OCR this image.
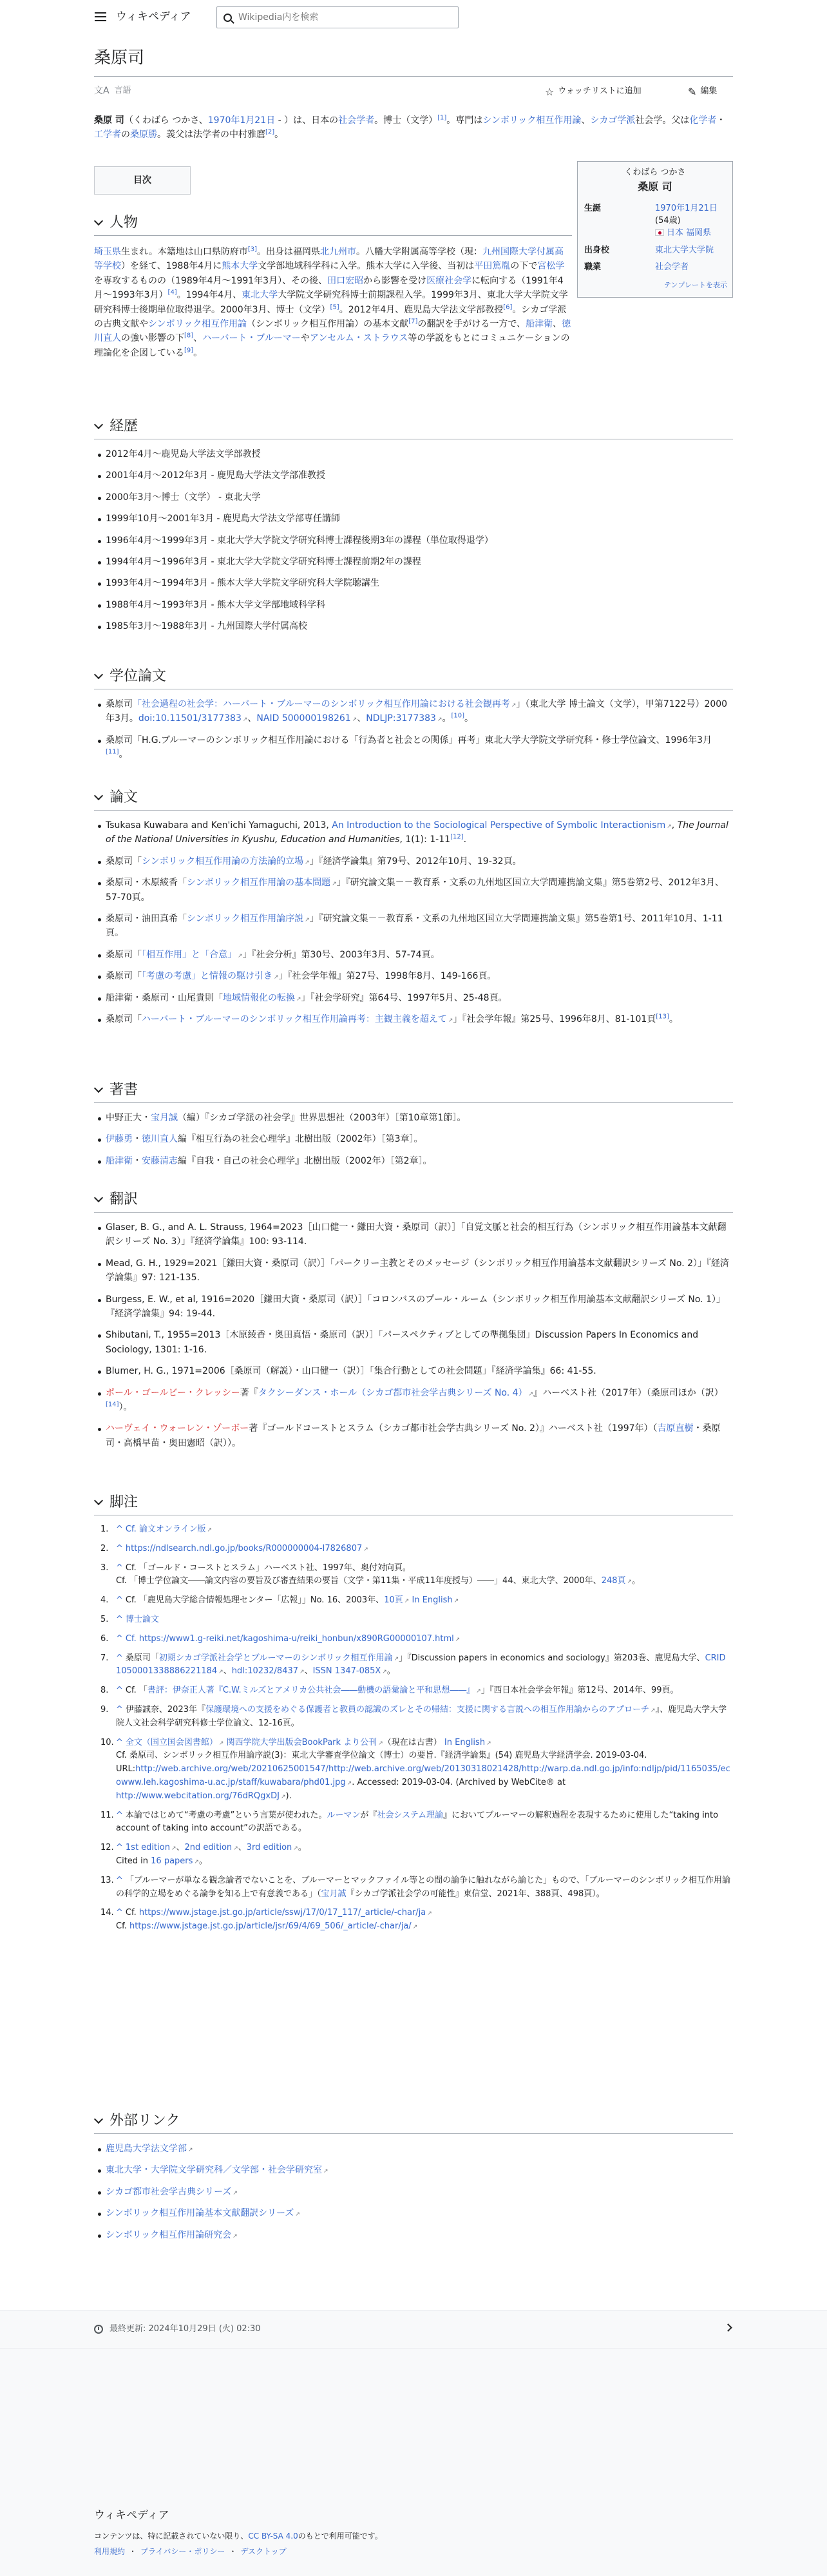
ウィキペディア
Wikipedia内を検索
桑原司
文A 言語	☆ ウォッチリストに追加	✎ 編集

桑原 司（くわばら つかさ、1970年1月21日 - ）は、日本の社会学者。博士（文学）[1]。専門はシンボリック相互作用論、シカゴ学派社会学。父は化学者・工学者の桑原勝。義父は法学者の中村雅麿[2]。

目次
くわばら つかさ
桑原 司
生誕	1970年1月21日
(54歳)
日本 福岡県
出身校	東北大学大学院
職業	社会学者
テンプレートを表示
人物
埼玉県生まれ。本籍地は山口県防府市[3]。出身は福岡県北九州市。八幡大学附属高等学校（現：九州国際大学付属高等学校）を経て、1988年4月に熊本大学文学部地域科学科に入学。熊本大学に入学後、当初は平田篤胤の下で宮松学を専攻するものの（1989年4月〜1991年3月）、その後、田口宏昭から影響を受け医療社会学に転向する（1991年4月〜1993年3月）[4]。1994年4月、東北大学大学院文学研究科博士前期課程入学。1999年3月、東北大学大学院文学研究科博士後期単位取得退学。2000年3月、博士（文学）[5]。2012年4月、鹿児島大学法文学部教授[6]。シカゴ学派の古典文献やシンボリック相互作用論（シンボリック相互作用論）の基本文献[7]の翻訳を手がける一方で、船津衛、徳川直人の強い影響の下[8]、ハーバート・ブルーマーやアンセルム・ストラウス等の学説をもとにコミュニケーションの理論化を企図している[9]。
経歴
2012年4月〜鹿児島大学法文学部教授
2001年4月〜2012年3月 - 鹿児島大学法文学部准教授
2000年3月〜博士（文学） - 東北大学
1999年10月〜2001年3月 - 鹿児島大学法文学部専任講師
1996年4月〜1999年3月 - 東北大学大学院文学研究科博士課程後期3年の課程（単位取得退学）
1994年4月〜1996年3月 - 東北大学大学院文学研究科博士課程前期2年の課程
1993年4月〜1994年3月 - 熊本大学大学院文学研究科大学院聴講生
1988年4月〜1993年3月 - 熊本大学文学部地域科学科
1985年3月〜1988年3月 - 九州国際大学付属高校
学位論文
桑原司「社会過程の社会学：ハーバート・ブルーマーのシンボリック相互作用論における社会観再考 ↗ 」（東北大学 博士論文（文学），甲第7122号）2000年3月。doi:10.11501/3177383 ↗ 、NAID 500000198261 ↗ 、NDLJP:3177383 ↗ 。[10]。
桑原司「H.G.ブルーマーのシンボリック相互作用論における「行為者と社会との関係」再考」東北大学大学院文学研究科・修士学位論文、1996年3月[11]。
論文
Tsukasa Kuwabara and Ken'ichi Yamaguchi, 2013, An Introduction to the Sociological Perspective of Symbolic Interactionism ↗ , The Journal of the National Universities in Kyushu, Education and Humanities, 1(1): 1-11[12].
桑原司「シンボリック相互作用論の方法論的立場 ↗ 」『経済学論集』第79号、2012年10月、19-32頁。
桑原司・木原綾香「シンボリック相互作用論の基本問題 ↗ 」『研究論文集－－教育系・文系の九州地区国立大学間連携論文集』第5巻第2号、2012年3月、57-70頁。
桑原司・油田真希「シンボリック相互作用論序説 ↗ 」『研究論文集－－教育系・文系の九州地区国立大学間連携論文集』第5巻第1号、2011年10月、1-11頁。
桑原司「「相互作用」と「合意」 ↗ 」『社会分析』第30号、2003年3月、57-74頁。
桑原司「「考慮の考慮」と情報の駆け引き ↗ 」『社会学年報』第27号、1998年8月、149-166頁。
船津衛・桑原司・山尾貴則「地域情報化の転換 ↗ 」『社会学研究』第64号、1997年5月、25-48頁。
桑原司「ハーバート・ブルーマーのシンボリック相互作用論再考：主観主義を超えて ↗ 」『社会学年報』第25号、1996年8月、81-101頁[13]。
著書
中野正大・宝月誠（編）『シカゴ学派の社会学』世界思想社（2003年）［第10章第1節］。
伊藤勇・徳川直人編『相互行為の社会心理学』北樹出版（2002年）［第3章］。
船津衛・安藤清志編『自我・自己の社会心理学』北樹出版（2002年）［第2章］。
翻訳
Glaser, B. G., and A. L. Strauss, 1964=2023［山口健一・鎌田大資・桑原司（訳）］「自覚文脈と社会的相互行為（シンボリック相互作用論基本文献翻訳シリーズ No. 3）」『経済学論集』100: 93-114.
Mead, G. H., 1929=2021［鎌田大資・桑原司（訳）］「パークリー主教とそのメッセージ（シンボリック相互作用論基本文献翻訳シリーズ No. 2）」『経済学論集』97: 121-135.
Burgess, E. W., et al, 1916=2020［鎌田大資・桑原司（訳）］「コロンバスのプール・ルーム（シンボリック相互作用論基本文献翻訳シリーズ No. 1）」『経済学論集』94: 19-44.
Shibutani, T., 1955=2013［木原綾香・奥田真悟・桑原司（訳）］「パースペクティブとしての準拠集団」Discussion Papers In Economics and Sociology, 1301: 1-16.
Blumer, H. G., 1971=2006［桑原司（解説）・山口健一（訳）］「集合行動としての社会問題」『経済学論集』66: 41-55.
ポール・ゴールビー・クレッシー著『タクシーダンス・ホール（シカゴ都市社会学古典シリーズ No. 4） ↗ 』ハーベスト社（2017年）（桑原司ほか（訳）[14]）。
ハーヴェイ・ウォーレン・ゾーボー著『ゴールドコーストとスラム（シカゴ都市社会学古典シリーズ No. 2）』ハーベスト社（1997年）（吉原直樹・桑原司・高橋早苗・奥田憲昭（訳））。
脚注
1. ^ Cf. 論文オンライン版 ↗
2. ^ https://ndlsearch.ndl.go.jp/books/R000000004-I7826807 ↗
3. ^ Cf. 「ゴールド・コーストとスラム」ハーベスト社、1997年、奥付対向頁。
Cf. 「博士学位論文――論文内容の要旨及び審査結果の要旨（文学・第11集・平成11年度授与）――」44、東北大学、2000年、248頁 ↗ 。
4. ^ Cf. 「鹿児島大学総合情報処理センター「広報」」No. 16、2003年、10頁 ↗ In English ↗
5. ^ 博士論文
6. ^ Cf. https://www1.g-reiki.net/kagoshima-u/reiki_honbun/x890RG00000107.html ↗
7. ^ 桑原司「初期シカゴ学派社会学とブルーマーのシンボリック相互作用論 ↗ 」『Discussion papers in economics and sociology』第203巻、鹿児島大学、CRID 1050001338886221184 ↗ 、hdl:10232/8437 ↗ 、ISSN 1347-085X ↗ 。
8. ^ Cf. 「書評：伊奈正人著『C.W.ミルズとアメリカ公共社会――動機の語彙論と平和思想――』 ↗ 」『西日本社会学会年報』第12号、2014年、99頁。
9. ^ 伊藤誠奈、2023年『保護環境への支援をめぐる保護者と教員の認識のズレとその帰結：支援に関する言説への相互作用論からのアプローチ ↗ 』、鹿児島大学大学院人文社会科学研究科修士学位論文、12-16頁。
10. ^ 全文（国立国会図書館） ↗ 関西学院大学出版会BookPark より公刊 ↗ （現在は古書） In English ↗
Cf. 桑原司、シンボリック相互作用論序説(3)：東北大学審査学位論文（博士）の要旨.『経済学論集』(54) 鹿児島大学経済学会. 2019-03-04.
URL:http://web.archive.org/web/20210625001547/http://web.archive.org/web/20130318021428/http://warp.da.ndl.go.jp/info:ndljp/pid/1165035/ecowww.leh.kagoshima-u.ac.jp/staff/kuwabara/phd01.jpg ↗ . Accessed: 2019-03-04. (Archived by WebCite® at http://www.webcitation.org/76dRQgxDJ ↗ ).
11. ^ 本論ではじめて“考慮の考慮”という言葉が使われた。ルーマンが『社会システム理論』においてブルーマーの解釈過程を表現するために使用した“taking into account of taking into account”の訳語である。
12. ^ 1st edition ↗ 、2nd edition ↗ 、3rd edition ↗ 。
Cited in 16 papers ↗ 。
13. ^ 「ブルーマーが単なる観念論者でないことを、ブルーマーとマックファイル等との間の論争に触れながら論じた」もので、「ブルーマーのシンボリック相互作用論の科学的立場をめぐる論争を知る上で有意義である」（宝月誠『シカゴ学派社会学の可能性』東信堂、2021年、388頁、498頁）。
14. ^ Cf. https://www.jstage.jst.go.jp/article/sswj/17/0/17_117/_article/-char/ja ↗
Cf. https://www.jstage.jst.go.jp/article/jsr/69/4/69_506/_article/-char/ja/ ↗
外部リンク
鹿児島大学法文学部 ↗
東北大学・大学院文学研究科／文学部・社会学研究室 ↗
シカゴ都市社会学古典シリーズ ↗
シンボリック相互作用論基本文献翻訳シリーズ ↗
シンボリック相互作用論研究会 ↗
最終更新: 2024年10月29日 (火) 02:30
ウィキペディア
コンテンツは、特に記載されていない限り、CC BY-SA 4.0のもとで利用可能です。
利用規約 ・ プライバシー・ポリシー ・ デスクトップ
